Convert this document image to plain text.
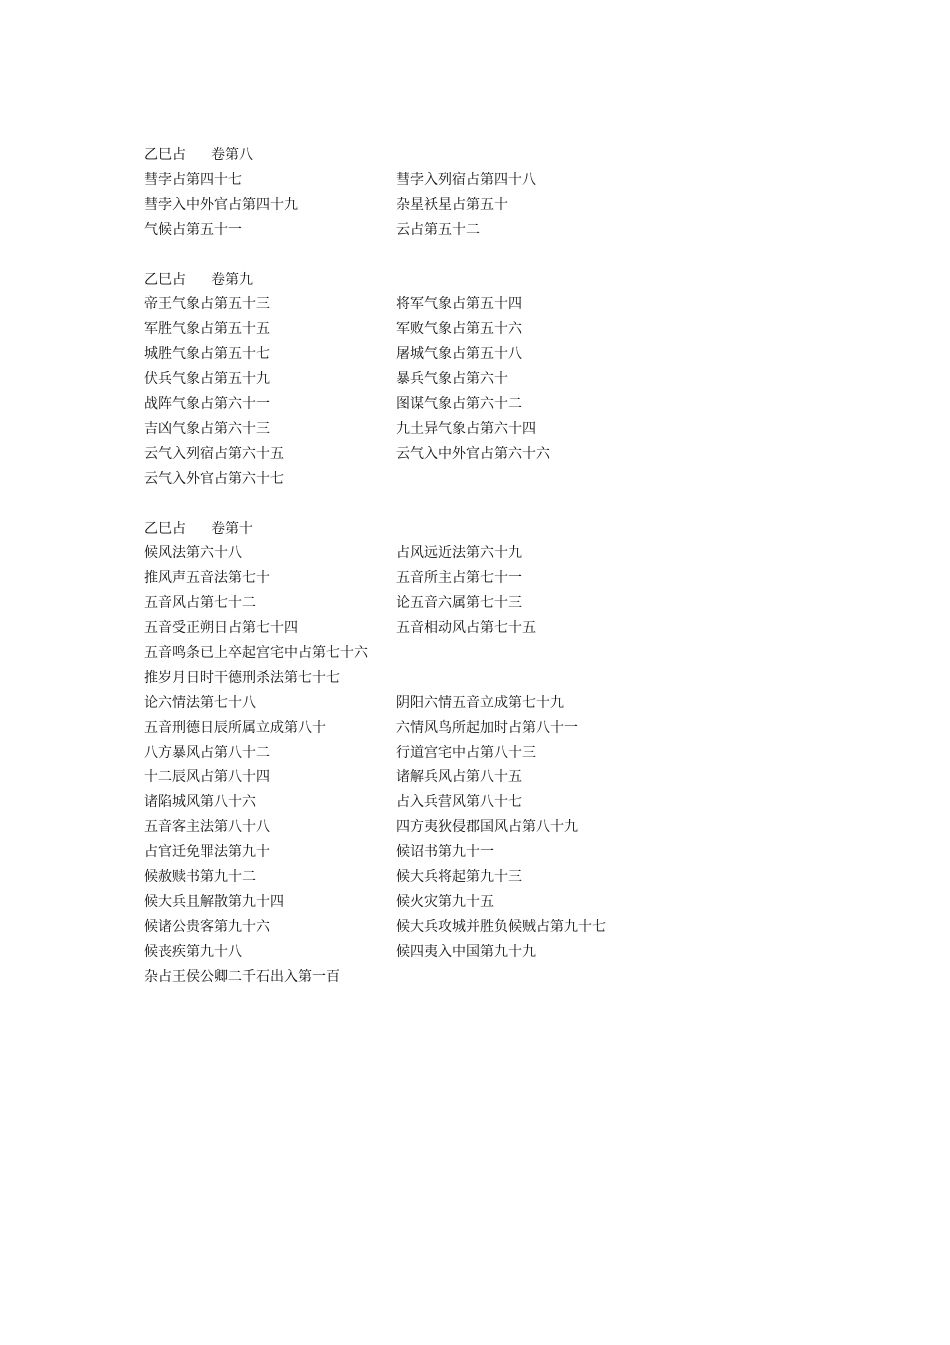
乙巳占	卷第八
彗孛占第四十七	彗孛入列宿占第四十八
彗孛入中外官占第四十九	杂星袄星占第五十
气候占第五十一	云占第五十二
乙巳占	卷第九
帝王气象占第五十三	将军气象占第五十四
军胜气象占第五十五	军败气象占第五十六
城胜气象占第五十七	屠城气象占第五十八
伏兵气象占第五十九	暴兵气象占第六十
战阵气象占第六十一	图谋气象占第六十二
吉凶气象占第六十三	九土异气象占第六十四
云气入列宿占第六十五	云气入中外官占第六十六
云气入外官占第六十七
乙巳占	卷第十
候风法第六十八	占风远近法第六十九
推风声五音法第七十	五音所主占第七十一
五音风占第七十二	论五音六属第七十三
五音受正朔日占第七十四	五音相动风占第七十五
五音鸣条已上卒起宫宅中占第七十六
推岁月日时干德刑杀法第七十七
论六情法第七十八	阴阳六情五音立成第七十九
五音刑德日辰所属立成第八十	六情风鸟所起加时占第八十一
八方暴风占第八十二	行道宫宅中占第八十三
十二辰风占第八十四	诸解兵风占第八十五
诸陷城风第八十六	占入兵营风第八十七
五音客主法第八十八	四方夷狄侵郡国风占第八十九
占官迁免罪法第九十	候诏书第九十一
候赦赎书第九十二	候大兵将起第九十三
候大兵且解散第九十四	候火灾第九十五
候诸公贵客第九十六	候大兵攻城并胜负候贼占第九十七
候丧疾第九十八	候四夷入中国第九十九
杂占王侯公卿二千石出入第一百
